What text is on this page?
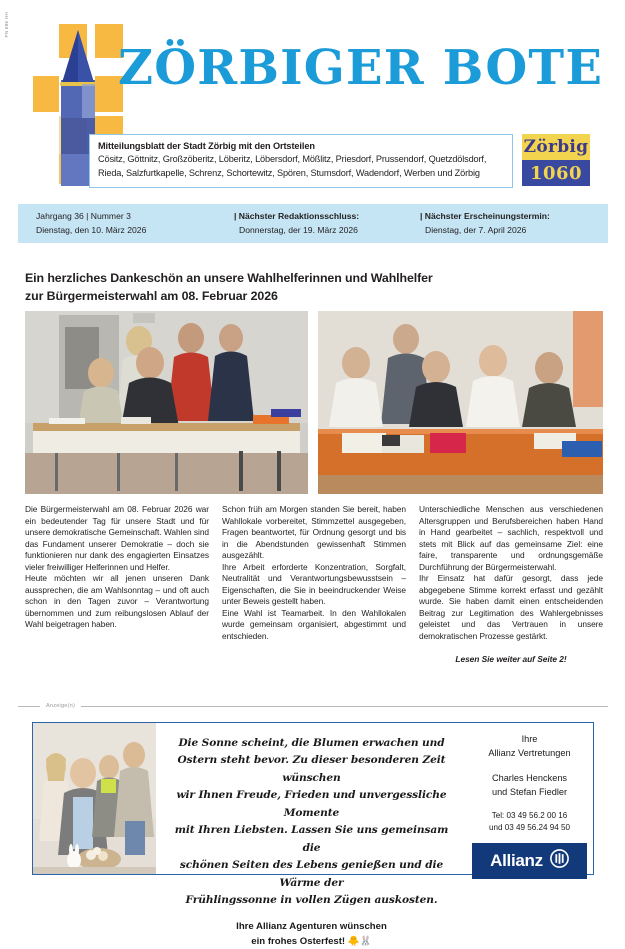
PN 686 HH
ZÖRBIGER BOTE
Mitteilungsblatt der Stadt Zörbig mit den Ortsteilen
Cösitz, Göttnitz, Großzöberitz, Löberitz, Löbersdorf, Mößlitz, Priesdorf, Prussendorf, Quetzdölsdorf,
Rieda, Salzfurtkapelle, Schrenz, Schortewitz, Spören, Stumsdorf, Wadendorf, Werben und Zörbig
Zörbig
1060
Jahrgang 36 | Nummer 3
Dienstag, den 10. März 2026
| Nächster Redaktionsschluss:
Donnerstag, der 19. März 2026
| Nächster Erscheinungstermin:
Dienstag, der 7. April 2026
Ein herzliches Dankeschön an unsere Wahlhelferinnen und Wahlhelfer
zur Bürgermeisterwahl am 08. Februar 2026

Die Bürgermeisterwahl am 08. Februar 2026 war ein bedeutender Tag für unsere Stadt und für unsere demokratische Gemeinschaft. Wahlen sind das Fundament unserer Demokratie – doch sie funktionieren nur dank des engagierten Einsatzes vieler freiwilliger Helferinnen und Helfer.

Heute möchten wir all jenen unseren Dank aussprechen, die am Wahlsonntag – und oft auch schon in den Tagen zuvor – Verantwortung übernommen und zum reibungslosen Ablauf der Wahl beigetragen haben.

Schon früh am Morgen standen Sie bereit, haben Wahllokale vorbereitet, Stimmzettel ausgegeben, Fragen beantwortet, für Ordnung gesorgt und bis in die Abendstunden gewissenhaft Stimmen ausgezählt.

Ihre Arbeit erforderte Konzentration, Sorgfalt, Neutralität und Verantwortungsbewusstsein – Eigenschaften, die Sie in beeindruckender Weise unter Beweis gestellt haben.

Eine Wahl ist Teamarbeit. In den Wahllokalen wurde gemeinsam organisiert, abgestimmt und entschieden.

Unterschiedliche Menschen aus verschiedenen Altersgruppen und Berufsbereichen haben Hand in Hand gearbeitet – sachlich, respektvoll und stets mit Blick auf das gemeinsame Ziel: eine faire, transparente und ordnungsgemäße Durchführung der Bürgermeisterwahl.

Ihr Einsatz hat dafür gesorgt, dass jede abgegebene Stimme korrekt erfasst und gezählt wurde. Sie haben damit einen entscheidenden Beitrag zur Legitimation des Wahlergebnisses geleistet und das Vertrauen in unsere demokratischen Prozesse gestärkt.

Lesen Sie weiter auf Seite 2!
Anzeige(n)
Die Sonne scheint, die Blumen erwachen und
Ostern steht bevor. Zu dieser besonderen Zeit wünschen
wir Ihnen Freude, Frieden und unvergessliche Momente
mit Ihren Liebsten. Lassen Sie uns gemeinsam die
schönen Seiten des Lebens genießen und die Wärme der
Frühlingssonne in vollen Zügen auskosten.
Ihre Allianz Agenturen wünschen
ein frohes Osterfest! 🐥🐰
Ihre
Allianz Vertretungen
Charles Henckens
und Stefan Fiedler
Tel: 03 49 56.2 00 16
und 03 49 56.24 94 50
Allianz
